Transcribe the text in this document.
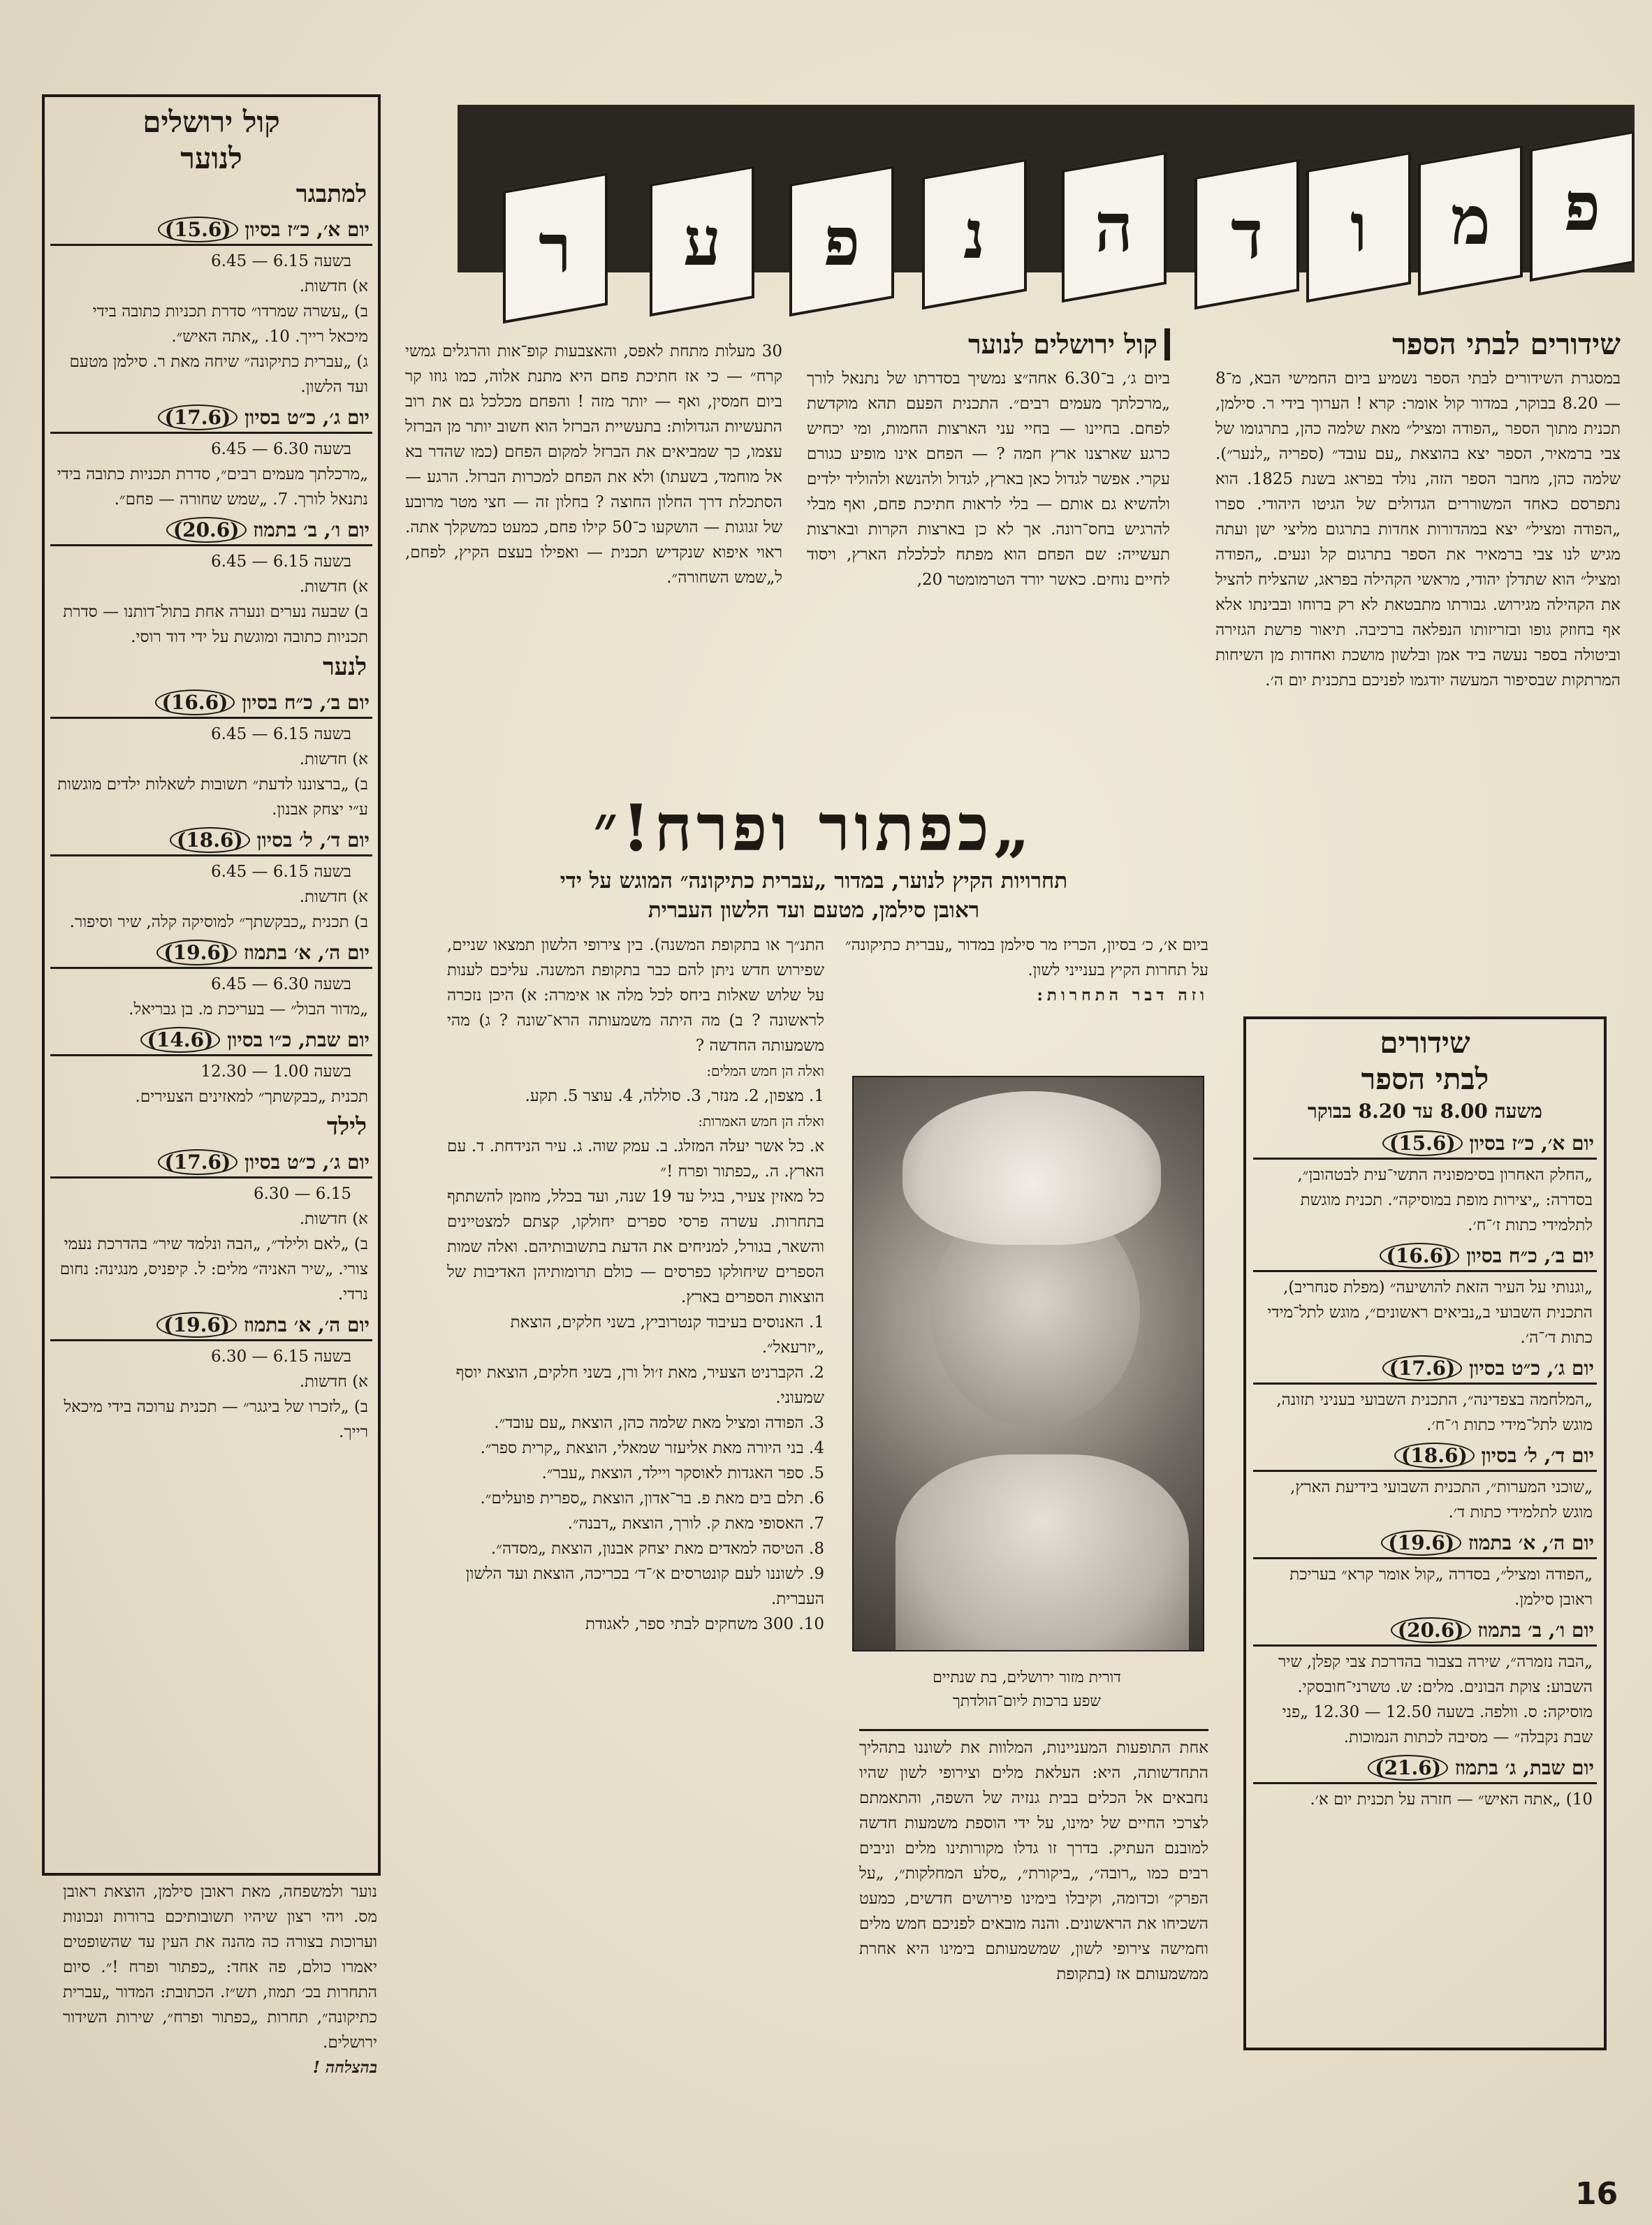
פ
מ
ו
ד
ה
נ
פ
ע
ר
קול ירושלים
לנוער
למתבגר
יום א׳, כ״ז בסיון (15.6)
בשעה 6.15 — 6.45
א) חדשות.
ב) „עשרה שמרדו״ סדרת תכניות כתובה בידי מיכאל רייך. 10. „אתה האיש״.
ג) „עברית כתיקונה״ שיחה מאת ר. סילמן מטעם ועד הלשון.
יום ג׳, כ״ט בסיון (17.6)
בשעה 6.30 — 6.45
„מרכלתך מעמים רבים״, סדרת תכניות כתובה בידי נתנאל לורך. 7. „שמש שחורה — פחם״.
יום ו׳, ב׳ בתמוז (20.6)
בשעה 6.15 — 6.45
א) חדשות.
ב) שבעה נערים ונערה אחת בתול־דותנו — סדרת תכניות כתובה ומוגשת על ידי דוד רוסי.
לנער
יום ב׳, כ״ח בסיון (16.6)
בשעה 6.15 — 6.45
א) חדשות.
ב) „ברצוננו לדעת״ תשובות לשאלות ילדים מוגשות ע״י יצחק אבנון.
יום ד׳, ל׳ בסיון (18.6)
בשעה 6.15 — 6.45
א) חדשות.
ב) תכנית „כבקשתך״ למוסיקה קלה, שיר וסיפור.
יום ה׳, א׳ בתמוז (19.6)
בשעה 6.30 — 6.45
„מדור הבול״ — בעריכת מ. בן גבריאל.
יום שבת, כ״ו בסיון (14.6)
בשעה 1.00 — 12.30
תכנית „כבקשתך״ למאזינים הצעירים.
לילד
יום ג׳, כ״ט בסיון (17.6)
6.15 — 6.30
א) חדשות.
ב) „לאם ולילד״, „הבה ונלמד שיר״ בהדרכת נעמי צורי. „שיר האניה״ מלים: ל. קיפניס, מנגינה: נחום נרדי.
יום ה׳, א׳ בתמוז (19.6)
בשעה 6.15 — 6.30
א) חדשות.
ב) „לזכרו של ביגגר״ — תכנית ערוכה בידי מיכאל רייך.
נוער ולמשפחה, מאת ראובן סילמן, הוצאת ראובן מס. ויהי רצון שיהיו תשובותיכם ברורות ונכונות וערוכות בצורה כה מהנה את העין עד שהשופטים יאמרו כולם, פה אחד: „כפתור ופרח !״. סיום התחרות בכ׳ תמוז, תש״ז. הכתובת: המדור „עברית כתיקונה״, תחרות „כפתור ופרח״, שירות השידור ירושלים.
בהצלחה !
30 מעלות מתחת לאפס, והאצבעות קופ־אות והרגלים גמשי קרח״ — כי אז חתיכת פחם היא מתנת אלוה, כמו גוזו קר ביום חמסין, ואף — יותר מזה ! והפחם מכלכל גם את רוב התעשיות הגדולות: בתעשיית הברזל הוא חשוב יותר מן הברזל עצמו, כך שמביאים את הברזל למקום הפחם (כמו שהדר בא אל מוחמד, בשעתו) ולא את הפחם למכרות הברזל. הרגע — הסתכלת דרך החלון החוצה ? בחלון זה — חצי מטר מרובע של זגוגות — הושקעו כ־50 קילו פחם, כמעט כמשקלך אתה. ראוי איפוא שנקדיש תכנית — ואפילו בעצם הקיץ, לפחם, ל„שמש השחורה״.
קול ירושלים לנוער
ביום ג׳, ב־6.30 אחה״צ נמשיך בסדרתו של נתנאל לורך „מרכלתך מעמים רבים״. התכנית הפעם תהא מוקדשת לפחם. בחיינו — בחיי עני הארצות החמות, ומי יכחיש כרגע שארצנו ארץ חמה ? — הפחם אינו מופיע כגורם עקרי. אפשר לגדול כאן בארץ, לגדול ולהנשא ולהוליד ילדים ולהשיא גם אותם — בלי לראות חתיכת פחם, ואף מבלי להרגיש בחס־רונה. אך לא כן בארצות הקרות ובארצות תעשייה: שם הפחם הוא מפתח לכלכלת הארץ, ויסוד לחיים נוחים. כאשר יורד הטרמומטר 20,
שידורים לבתי הספר
במסגרת השידורים לבתי הספר נשמיע ביום החמישי הבא, מ־8 — 8.20 בבוקר, במדור קול אומר: קרא ! הערוך בידי ר. סילמן, תכנית מתוך הספר „הפודה ומציל״ מאת שלמה כהן, בתרגומו של צבי ברמאיר, הספר יצא בהוצאת „עם עובד״ (ספריה „לנער״). שלמה כהן, מחבר הספר הזה, נולד בפראג בשנת 1825. הוא נתפרסם כאחד המשוררים הגדולים של הגיטו היהודי. ספרו „הפודה ומציל״ יצא במהדורות אחדות בתרגום מליצי ישן ועתה מגיש לנו צבי ברמאיר את הספר בתרגום קל ונעים. „הפודה ומציל״ הוא שתדלן יהודי, מראשי הקהילה בפראג, שהצליח להציל את הקהילה מגירוש. גבורתו מתבטאת לא רק ברוחו ובבינתו אלא אף בחוזק גופו ובזריזותו הנפלאה ברכיבה. תיאור פרשת הגזירה וביטולה בספר נעשה ביד אמן ובלשון מושכת ואחדות מן השיחות המרתקות שבסיפור המעשה יודגמו לפניכם בתכנית יום ה׳.
„כפתור ופרח!״
תחרויות הקיץ לנוער, במדור „עברית כתיקונה״ המוגש על ידי
ראובן סילמן, מטעם ועד הלשון העברית
ביום א׳, כ׳ בסיון, הכריז מר סילמן במדור „עברית כתיקונה״ על תחרות הקיץ בענייני לשון.
וזה דבר התחרות:
דורית מזור ירושלים, בת שנתיים
שפע ברכות ליום־הולדתך
אחת התופעות המעניינות, המלוות את לשוננו בתהליך התחדשותה, היא: העלאת מלים וצירופי לשון שהיו נחבאים אל הכלים בבית גנזיה של השפה, והתאמתם לצרכי החיים של ימינו, על ידי הוספת משמעות חדשה למובנם העתיק. בדרך זו גדלו מקורותינו מלים וניבים רבים כמו „רובה״, „ביקורת״, „סלע המחלקות״, „על הפרק״ וכדומה, וקיבלו בימינו פירושים חדשים, כמעט השכיחו את הראשונים. והנה מובאים לפניכם חמש מלים וחמישה צירופי לשון, שמשמעותם בימינו היא אחרת ממשמעותם אז (בתקופת
התנ״ך או בתקופת המשנה). בין צירופי הלשון תמצאו שניים, שפירוש חדש ניתן להם כבר בתקופת המשנה. עליכם לענות על שלוש שאלות ביחס לכל מלה או אימרה: א) היכן נזכרה לראשונה ? ב) מה היתה משמעותה הרא־שונה ? ג) מהי משמעותה החדשה ?
ואלה הן חמש המלים:
1. מצפון, 2. מנזר, 3. סוללה, 4. עוצר 5. תקע.
ואלה הן חמש האמרות:
א. כל אשר יעלה המזלג. ב. עמק שוה. ג. עיר הנידחת. ד. עם הארץ. ה. „כפתור ופרח !״
כל מאזין צעיר, בגיל עד 19 שנה, ועד בכלל, מוזמן להשתתף בתחרות. עשרה פרסי ספרים יחולקו, קצתם למצטיינים והשאר, בגורל, למניחים את הדעת בתשובותיהם. ואלה שמות הספרים שיחולקו כפרסים — כולם תרומותיהן האדיבות של הוצאות הספרים בארץ.
1. האנוסים בעיבוד קנטרוביץ, בשני חלקים, הוצאת „יזרעאל״.
2. הקברניט הצעיר, מאת ז׳ול ורן, בשני חלקים, הוצאת יוסף שמעוני.
3. הפודה ומציל מאת שלמה כהן, הוצאת „עם עובד״.
4. בני היורה מאת אליעזר שמאלי, הוצאת „קרית ספר״.
5. ספר האגדות לאוסקר ויילד, הוצאת „עבר״.
6. תלם בים מאת פ. בר־אדון, הוצאת „ספרית פועלים״.
7. האסופי מאת ק. לורך, הוצאת „דבנה״.
8. הטיסה למאדים מאת יצחק אבנון, הוצאת „מסדה״.
9. לשוננו לעם קונטרסים א׳־ד׳ בכריכה, הוצאת ועד הלשון העברית.
10. 300 משחקים לבתי ספר, לאגודת
שידורים
לבתי הספר
משעה 8.00 עד 8.20 בבוקר
יום א׳, כ״ז בסיון (15.6)
„החלק האחרון בסימפוניה התשי־עית לבטהובן״, בסדרה: „יצירות מופת במוסיקה״. תכנית מוגשת לתלמידי כתות ז׳־ח׳.
יום ב׳, כ״ח בסיון (16.6)
„וגנותי על העיר הזאת להושיעה״ (מפלת סנחריב), התכנית השבועי ב„נביאים ראשונים״, מוגש לתל־מידי כתות ד׳־ה׳.
יום ג׳, כ״ט בסיון (17.6)
„המלחמה בצפדינה״, התכנית השבועי בעניני תזונה, מוגש לתל־מידי כתות ו׳־ח׳.
יום ד׳, ל׳ בסיון (18.6)
„שוכני המערות״, התכנית השבועי בידיעת הארץ, מוגש לתלמידי כתות ד׳.
יום ה׳, א׳ בתמוז (19.6)
„הפודה ומציל״, בסדרה „קול אומר קרא״ בעריכת ראובן סילמן.
יום ו׳, ב׳ בתמוז (20.6)
„הבה נזמרה״, שירה בצבור בהדרכת צבי קפלן, שיר השבוע: צוקת הבונים. מלים: ש. טשרני־חובסקי. מוסיקה: ס. וולפה. בשעה 12.50 — 12.30 „פני שבת נקבלה״ — מסיבה לכתות הנמוכות.
יום שבת, ג׳ בתמוז (21.6)
10) „אתה האיש״ — חזרה על תכנית יום א׳.
16
